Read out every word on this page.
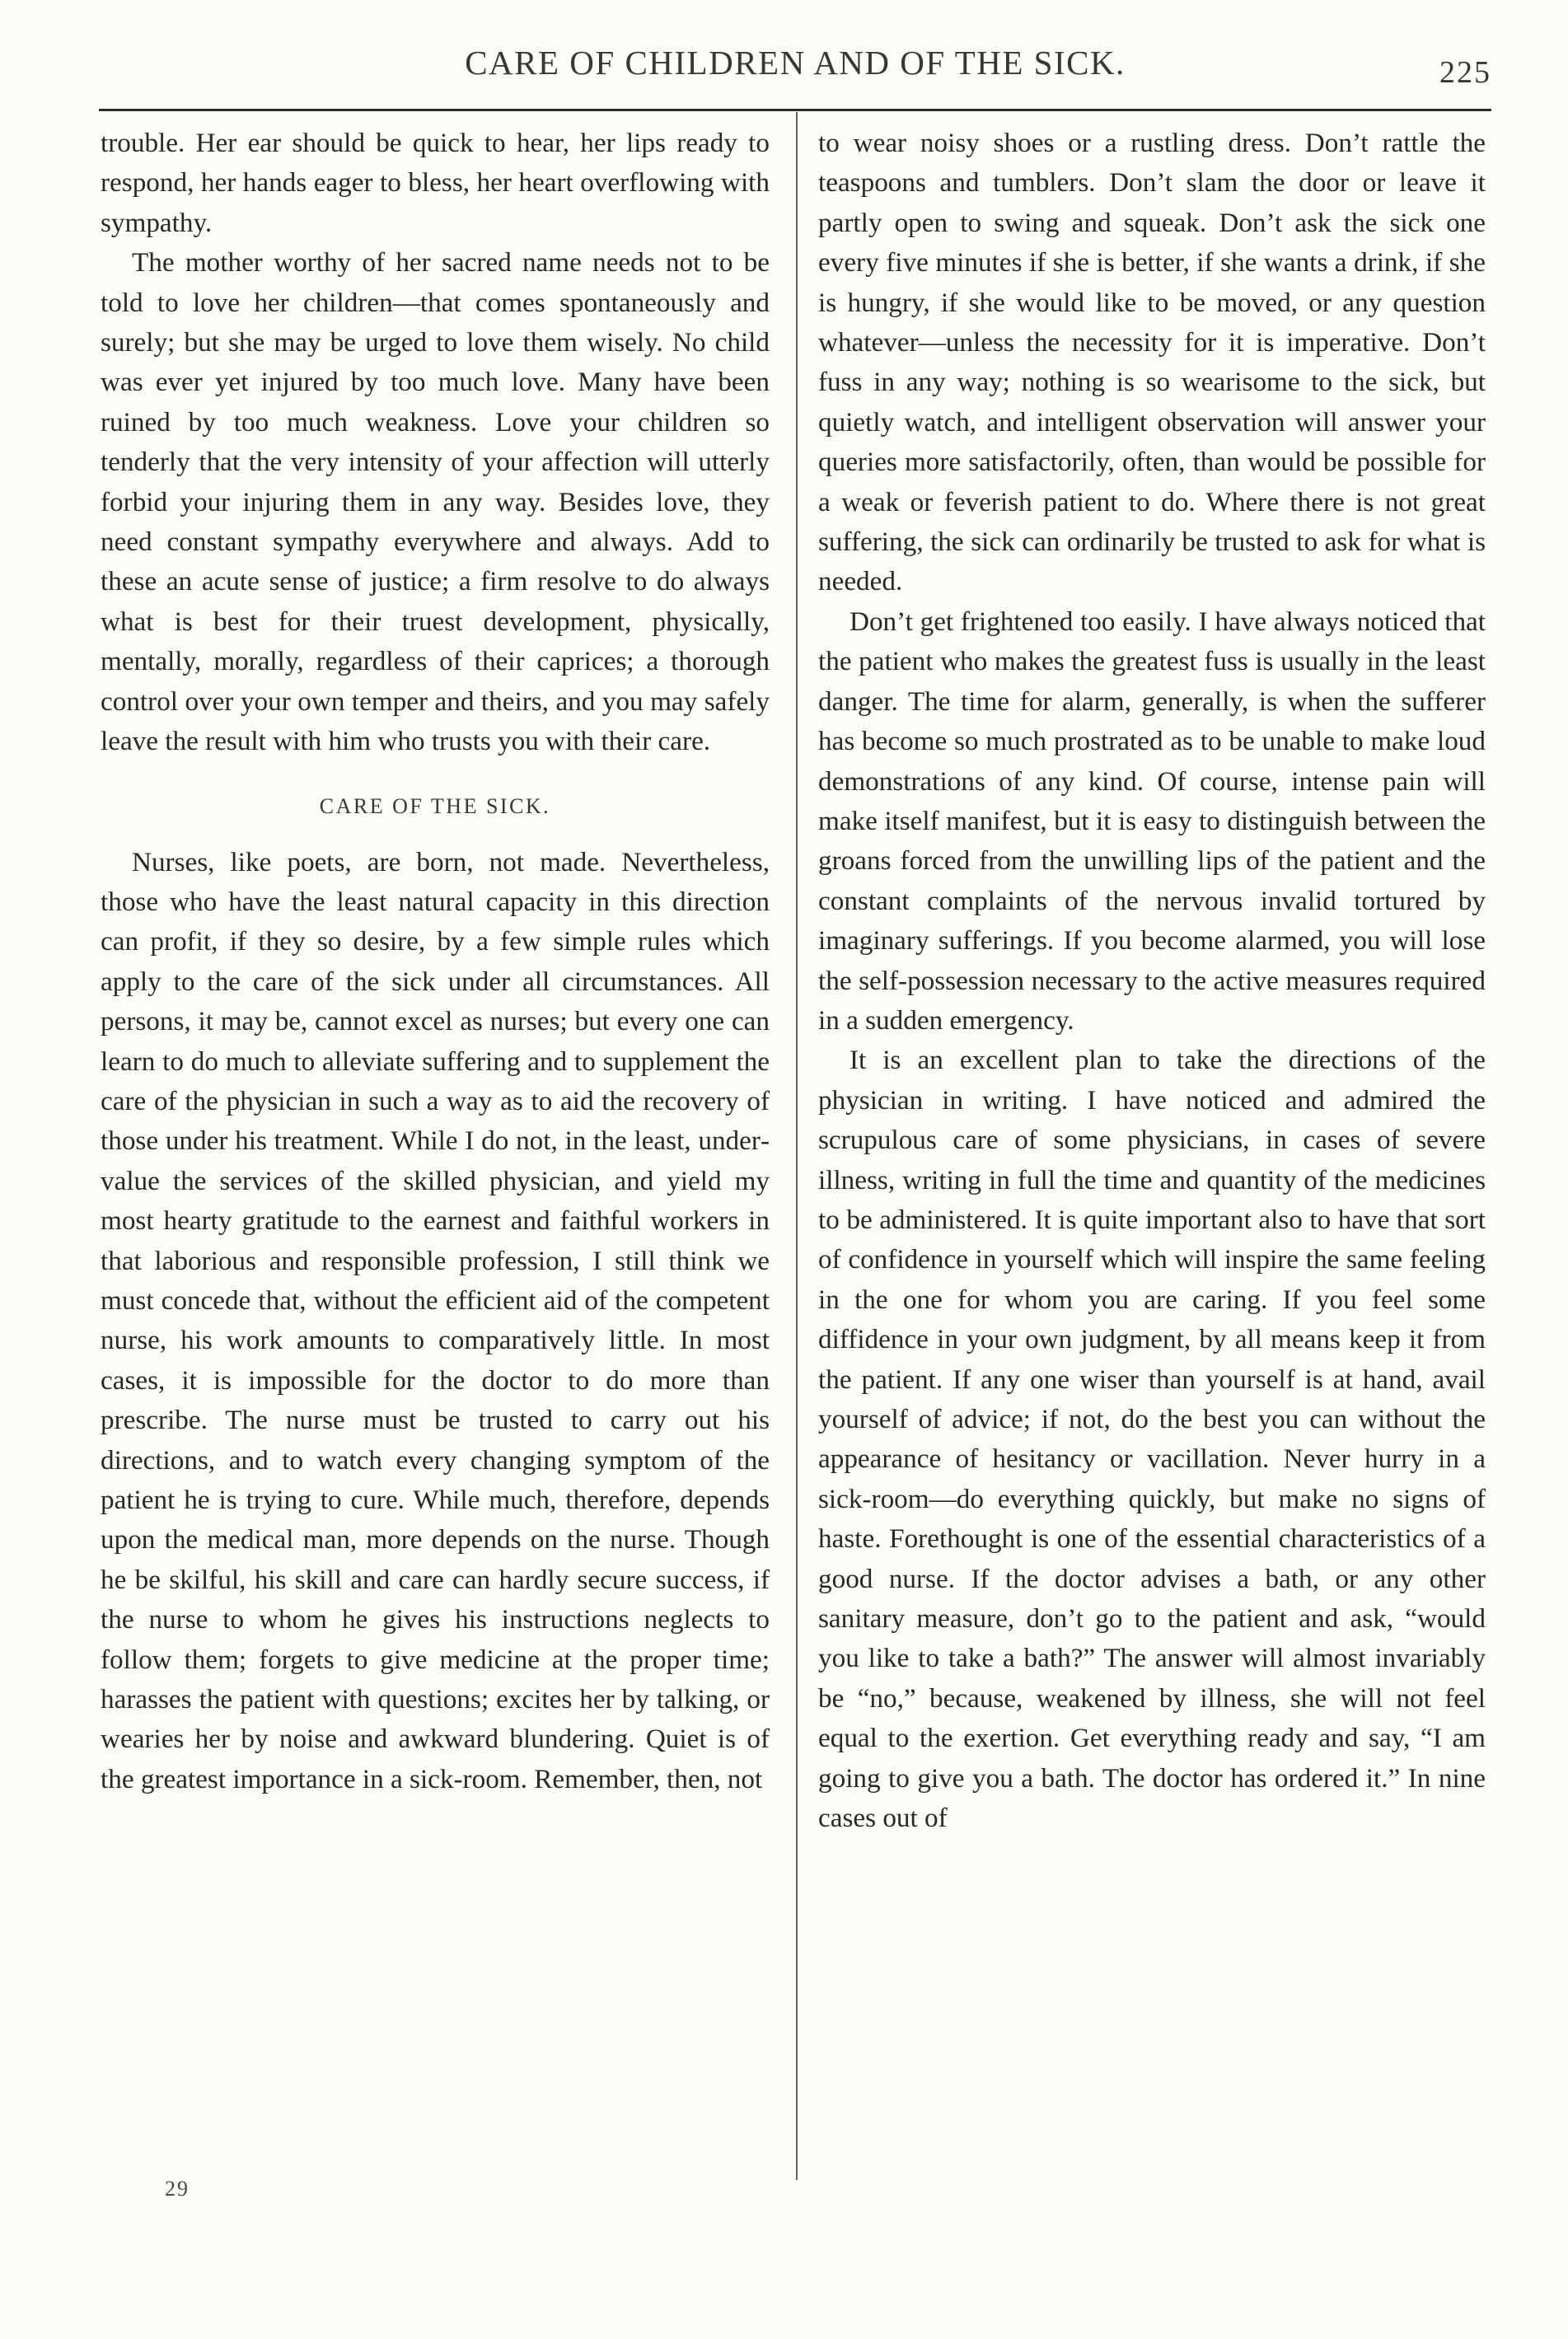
CARE OF CHILDREN AND OF THE SICK.	225

trouble. Her ear should be quick to hear, her lips ready to respond, her hands eager to bless, her heart overflowing with sympathy.

The mother worthy of her sacred name needs not to be told to love her children—that comes spontaneously and surely; but she may be urged to love them wisely. No child was ever yet injured by too much love. Many have been ruined by too much weakness. Love your children so tenderly that the very intensity of your affection will utterly forbid your injuring them in any way. Besides love, they need constant sympathy everywhere and always. Add to these an acute sense of justice; a firm resolve to do always what is best for their truest development, physically, mentally, morally, regardless of their caprices; a thorough control over your own temper and theirs, and you may safely leave the result with him who trusts you with their care.

CARE OF THE SICK.

Nurses, like poets, are born, not made. Nevertheless, those who have the least natural capacity in this direction can profit, if they so desire, by a few simple rules which apply to the care of the sick under all circumstances. All persons, it may be, cannot excel as nurses; but every one can learn to do much to alleviate suffering and to supplement the care of the physician in such a way as to aid the recovery of those under his treatment. While I do not, in the least, undervalue the services of the skilled physician, and yield my most hearty gratitude to the earnest and faithful workers in that laborious and responsible profession, I still think we must concede that, without the efficient aid of the competent nurse, his work amounts to comparatively little. In most cases, it is impossible for the doctor to do more than prescribe. The nurse must be trusted to carry out his directions, and to watch every changing symptom of the patient he is trying to cure. While much, therefore, depends upon the medical man, more depends on the nurse. Though he be skilful, his skill and care can hardly secure success, if the nurse to whom he gives his instructions neglects to follow them; forgets to give medicine at the proper time; harasses the patient with questions; excites her by talking, or wearies her by noise and awkward blundering. Quiet is of the greatest importance in a sick-room. Remember, then, not

to wear noisy shoes or a rustling dress. Don’t rattle the teaspoons and tumblers. Don’t slam the door or leave it partly open to swing and squeak. Don’t ask the sick one every five minutes if she is better, if she wants a drink, if she is hungry, if she would like to be moved, or any question whatever—unless the necessity for it is imperative. Don’t fuss in any way; nothing is so wearisome to the sick, but quietly watch, and intelligent observation will answer your queries more satisfactorily, often, than would be possible for a weak or feverish patient to do. Where there is not great suffering, the sick can ordinarily be trusted to ask for what is needed.

Don’t get frightened too easily. I have always noticed that the patient who makes the greatest fuss is usually in the least danger. The time for alarm, generally, is when the sufferer has become so much prostrated as to be unable to make loud demonstrations of any kind. Of course, intense pain will make itself manifest, but it is easy to distinguish between the groans forced from the unwilling lips of the patient and the constant complaints of the nervous invalid tortured by imaginary sufferings. If you become alarmed, you will lose the self-possession necessary to the active measures required in a sudden emergency.

It is an excellent plan to take the directions of the physician in writing. I have noticed and admired the scrupulous care of some physicians, in cases of severe illness, writing in full the time and quantity of the medicines to be administered. It is quite important also to have that sort of confidence in yourself which will inspire the same feeling in the one for whom you are caring. If you feel some diffidence in your own judgment, by all means keep it from the patient. If any one wiser than yourself is at hand, avail yourself of advice; if not, do the best you can without the appearance of hesitancy or vacillation. Never hurry in a sick-room—do everything quickly, but make no signs of haste. Forethought is one of the essential characteristics of a good nurse. If the doctor advises a bath, or any other sanitary measure, don’t go to the patient and ask, “would you like to take a bath?” The answer will almost invariably be “no,” because, weakened by illness, she will not feel equal to the exertion. Get everything ready and say, “I am going to give you a bath. The doctor has ordered it.” In nine cases out of

29
